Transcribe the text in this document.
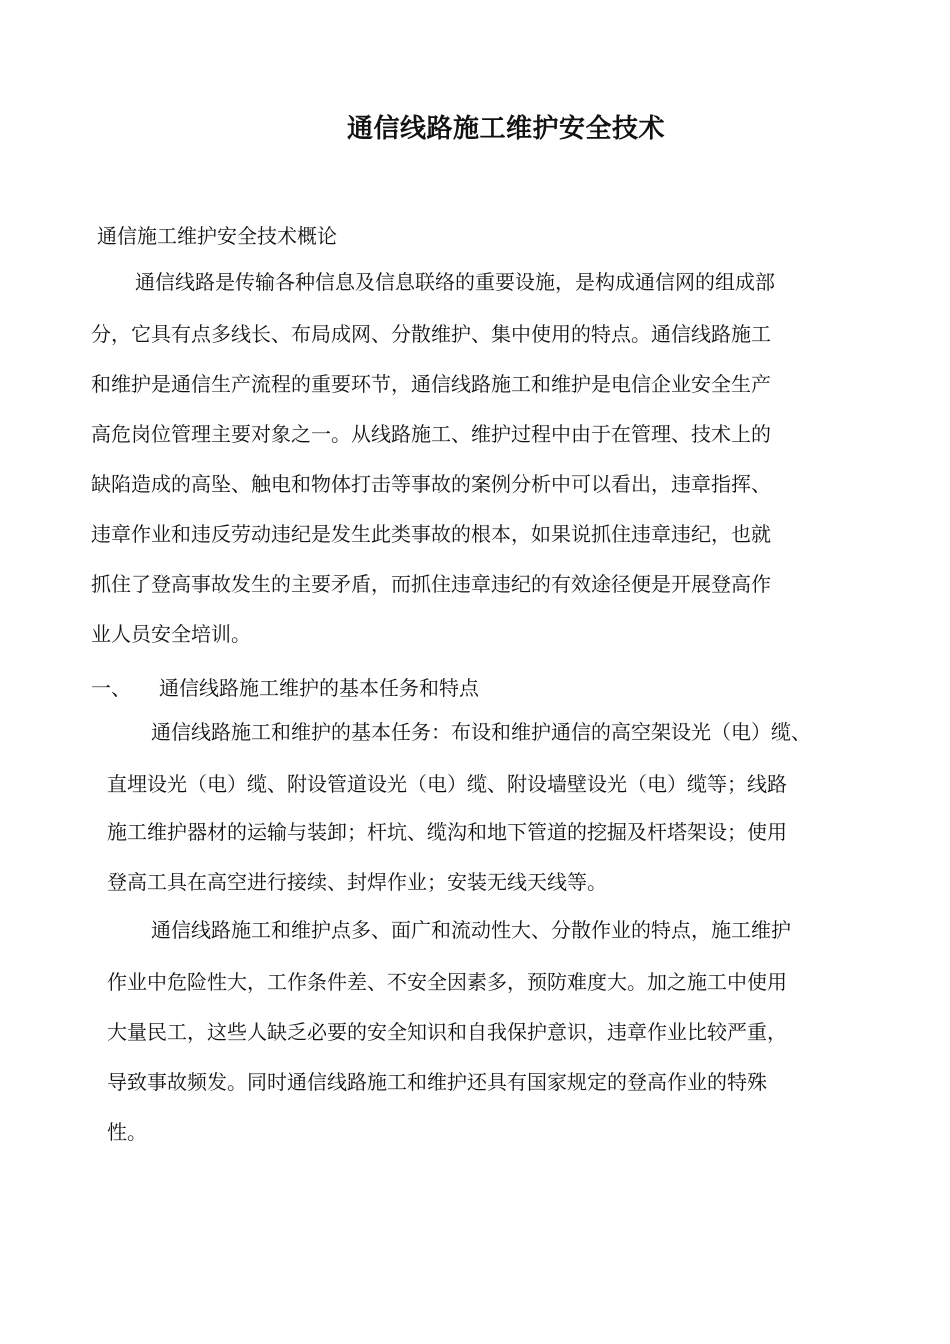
通信线路施工维护安全技术
通信施工维护安全技术概论
通信线路是传输各种信息及信息联络的重要设施，是构成通信网的组成部
分，它具有点多线长、布局成网、分散维护、集中使用的特点。通信线路施工
和维护是通信生产流程的重要环节，通信线路施工和维护是电信企业安全生产
高危岗位管理主要对象之一。从线路施工、维护过程中由于在管理、技术上的
缺陷造成的高坠、触电和物体打击等事故的案例分析中可以看出，违章指挥、
违章作业和违反劳动违纪是发生此类事故的根本，如果说抓住违章违纪，也就
抓住了登高事故发生的主要矛盾，而抓住违章违纪的有效途径便是开展登高作
业人员安全培训。
一、 通信线路施工维护的基本任务和特点
通信线路施工和维护的基本任务：布设和维护通信的高空架设光（电）缆、
直埋设光（电）缆、附设管道设光（电）缆、附设墙壁设光（电）缆等；线路
施工维护器材的运输与装卸；杆坑、缆沟和地下管道的挖掘及杆塔架设；使用
登高工具在高空进行接续、封焊作业；安装无线天线等。
通信线路施工和维护点多、面广和流动性大、分散作业的特点，施工维护
作业中危险性大，工作条件差、不安全因素多，预防难度大。加之施工中使用
大量民工，这些人缺乏必要的安全知识和自我保护意识，违章作业比较严重，
导致事故频发。同时通信线路施工和维护还具有国家规定的登高作业的特殊
性。
